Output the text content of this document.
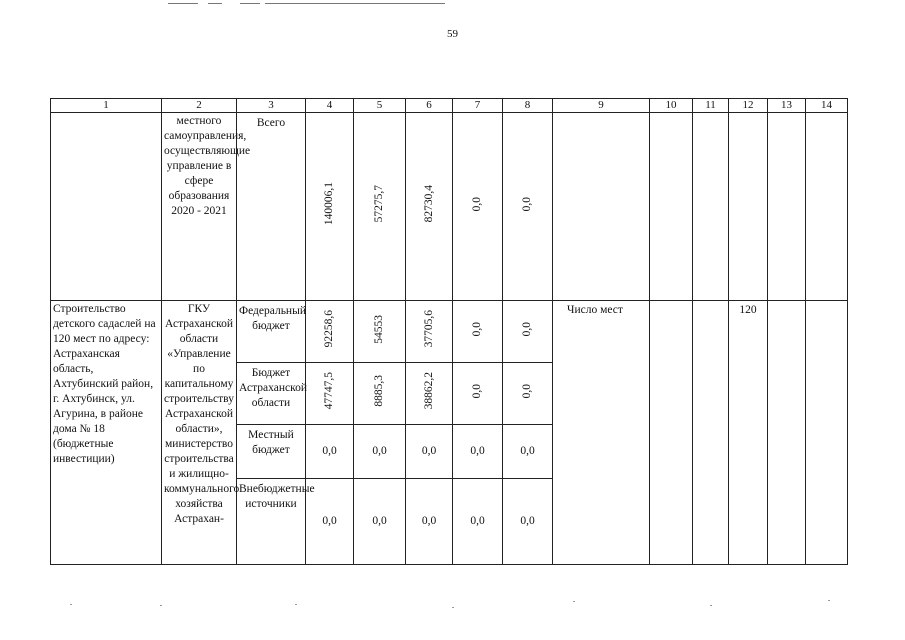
59
1	2	3	4	5	6	7	8	9	10	11	12	13	14
	местного самоуправления, осуществляющие управление в сфере образования 2020 - 2021	Всего	140006,1	57275,7	82730,4	0,0	0,0						
Строительство детского садаслей на 120 мест по адресу: Астраханская область, Ахтубинский район, г. Ахтубинск, ул. Агурина, в районе дома № 18 (бюджетные инвестиции)	ГКУ Астраханской области «Управление по капитальному строительству Астраханской области», министерство строительства и жилищно-коммунального хозяйства Астрахан-	Федеральный бюджет	92258,6	54553	37705,6	0,0	0,0	Число мест			120		
		Бюджет Астраханской области	47747,5	8885,3	38862,2	0,0	0,0						
		Местный бюджет	0,0	0,0	0,0	0,0	0,0						
		Внебюджетные источники	0,0	0,0	0,0	0,0	0,0						
